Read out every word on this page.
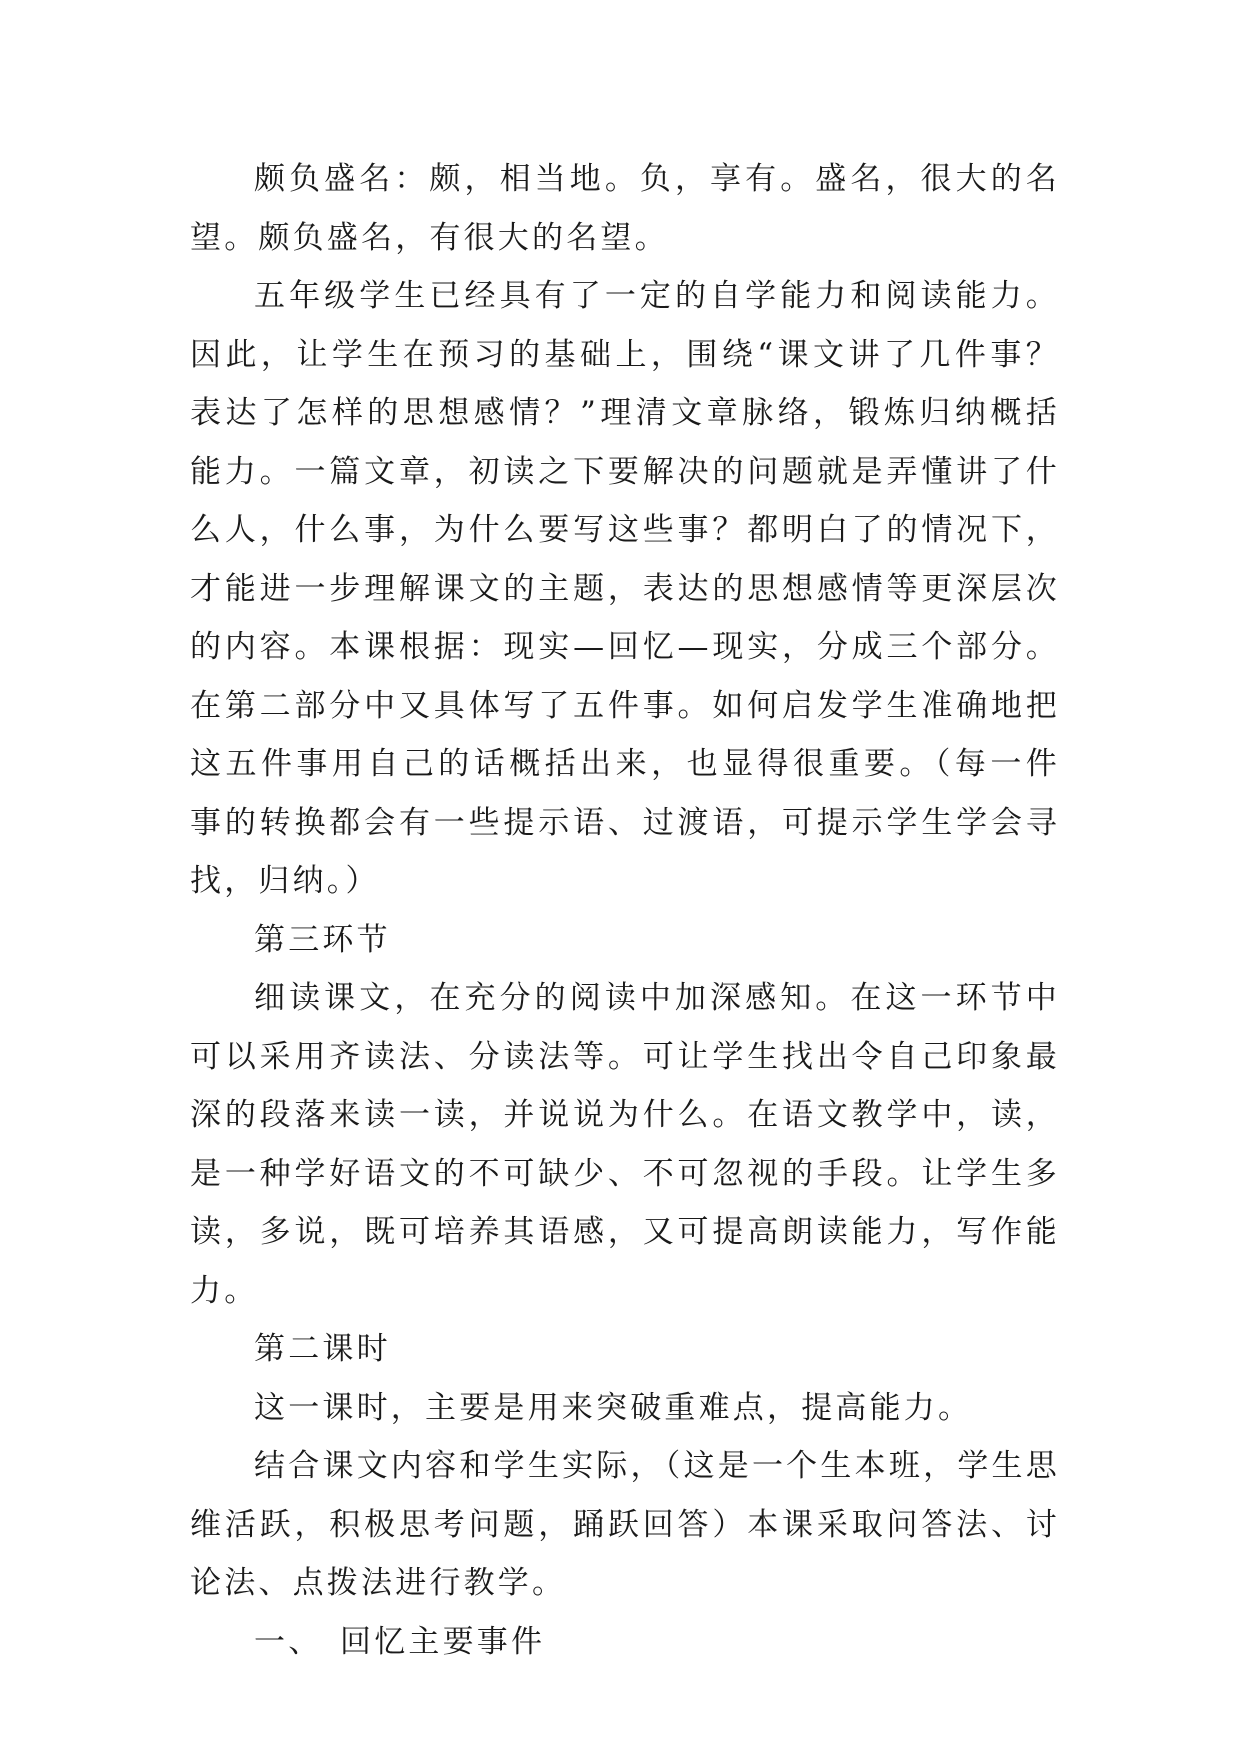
颇负盛名：颇，相当地。负，享有。盛名，很大的名望。颇负盛名，有很大的名望。

五年级学生已经具有了一定的自学能力和阅读能力。因此，让学生在预习的基础上，围绕“课文讲了几件事？表达了怎样的思想感情？”理清文章脉络，锻炼归纳概括能力。一篇文章，初读之下要解决的问题就是弄懂讲了什么人，什么事，为什么要写这些事？都明白了的情况下，才能进一步理解课文的主题，表达的思想感情等更深层次的内容。本课根据：现实—回忆—现实，分成三个部分。在第二部分中又具体写了五件事。如何启发学生准确地把这五件事用自己的话概括出来，也显得很重要。（每一件事的转换都会有一些提示语、过渡语，可提示学生学会寻找，归纳。）

第三环节

细读课文，在充分的阅读中加深感知。在这一环节中可以采用齐读法、分读法等。可让学生找出令自己印象最深的段落来读一读，并说说为什么。在语文教学中，读，是一种学好语文的不可缺少、不可忽视的手段。让学生多读，多说，既可培养其语感，又可提高朗读能力，写作能力。

第二课时

这一课时，主要是用来突破重难点，提高能力。

结合课文内容和学生实际，（这是一个生本班，学生思维活跃，积极思考问题，踊跃回答）本课采取问答法、讨论法、点拨法进行教学。

一、 回忆主要事件
